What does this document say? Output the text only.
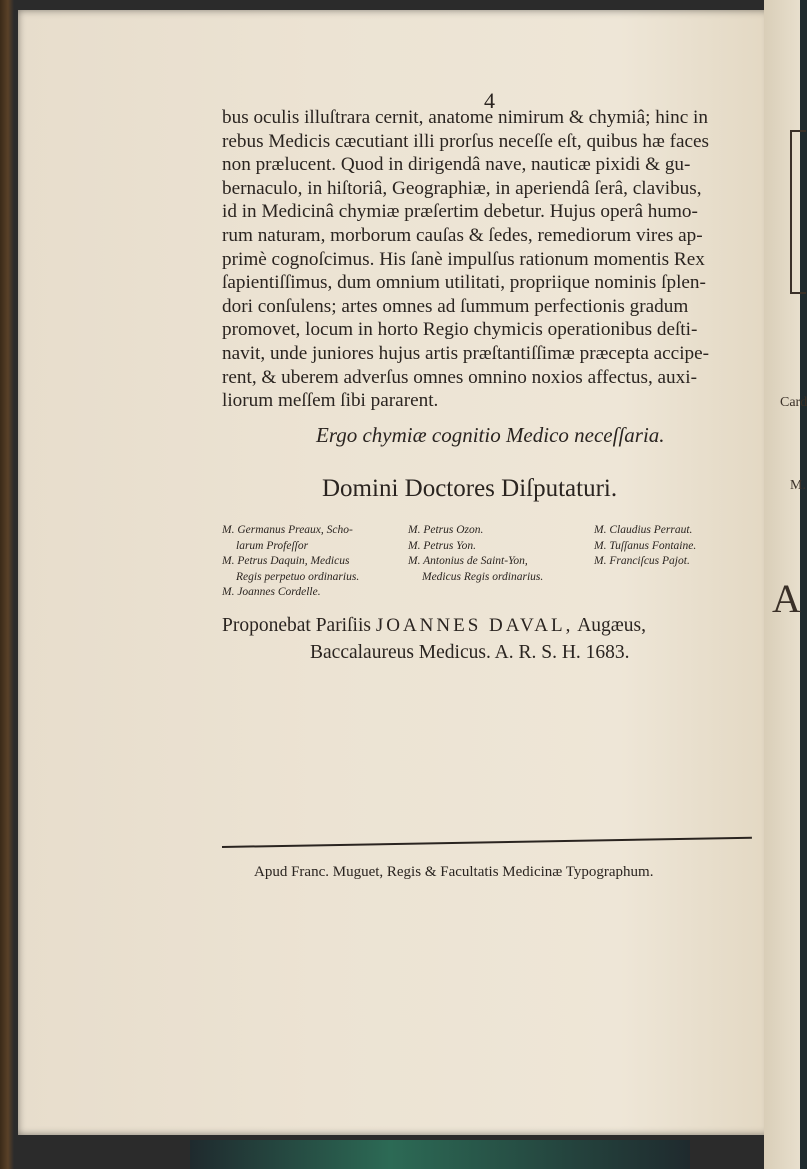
Card
M.
A
4
bus oculis illuſtrara cernit, anatome nimirum & chymiâ; hinc in
rebus Medicis cæcutiant illi prorſus neceſſe eſt, quibus hæ faces
non prælucent. Quod in dirigendâ nave, nauticæ pixidi & gu-
bernaculo, in hiſtoriâ, Geographiæ, in aperiendâ ſerâ, clavibus,
id in Medicinâ chymiæ præſertim debetur. Hujus operâ humo-
rum naturam, morborum cauſas & ſedes, remediorum vires ap-
primè cognoſcimus. His ſanè impulſus rationum momentis Rex
ſapientiſſimus, dum omnium utilitati, propriique nominis ſplen-
dori conſulens; artes omnes ad ſummum perfectionis gradum
promovet, locum in horto Regio chymicis operationibus deſti-
navit, unde juniores hujus artis præſtantiſſimæ præcepta accipe-
rent, & uberem adverſus omnes omnino noxios affectus, auxi-
liorum meſſem ſibi pararent.
Ergo chymiæ cognitio Medico neceſſaria.
Domini Doctores Diſputaturi.
M. Germanus Preaux, Scho-
larum Profeſſor
M. Petrus Daquin, Medicus
Regis perpetuo ordinarius.
M. Joannes Cordelle.
M. Petrus Ozon.
M. Petrus Yon.
M. Antonius de Saint-Yon,
Medicus Regis ordinarius.
M. Claudius Perraut.
M. Tuſſanus Fontaine.
M. Franciſcus Pajot.
Proponebat Pariſiis JOANNES DAVAL, Augæus,
Baccalaureus Medicus. A. R. S. H. 1683.
Apud Franc. Muguet, Regis & Facultatis Medicinæ Typographum.
